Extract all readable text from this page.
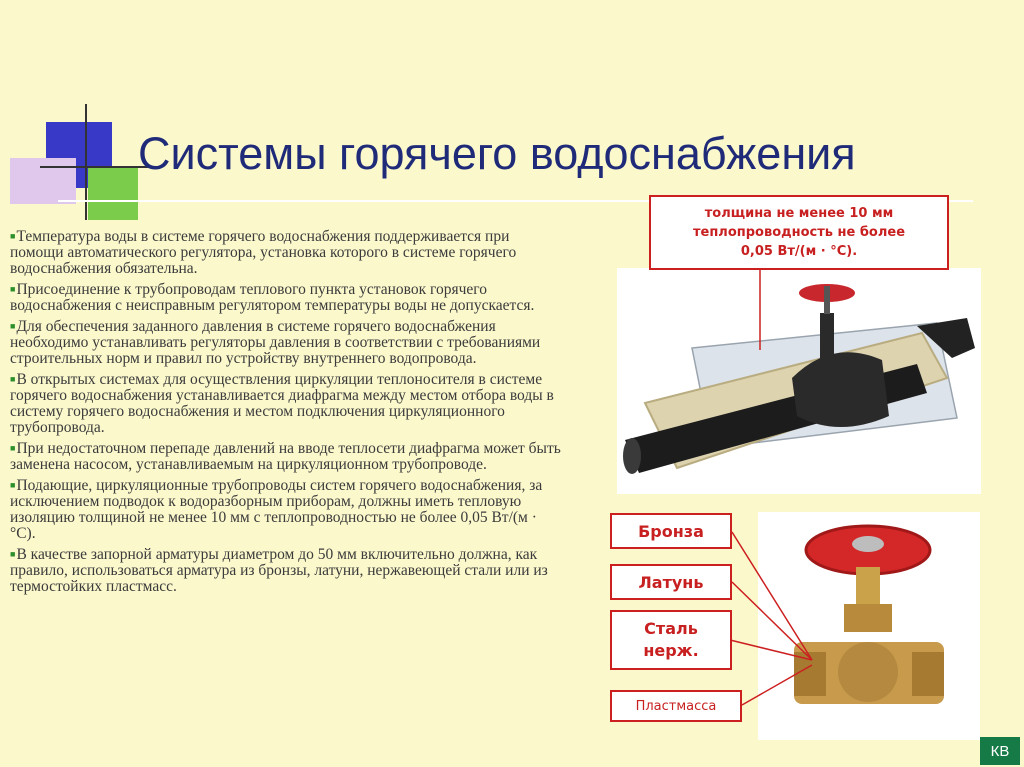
Системы горячего водоснабжения
■Температура воды в системе горячего водоснабжения поддерживается при помощи автоматического регулятора, установка которого в системе горячего водоснабжения обязательна.
■Присоединение к трубопроводам теплового пункта установок горячего водоснабжения с неисправным регулятором температуры воды не допускается.
■Для обеспечения заданного давления в системе горячего водоснабжения необходимо устанавливать регуляторы давления в соответствии с требованиями строительных норм и правил по устройству внутреннего водопровода.
■В открытых системах для осуществления циркуляции теплоносителя в системе горячего водоснабжения устанавливается диафрагма между местом отбора воды в систему горячего водоснабжения и местом подключения циркуляционного трубопровода.
■При недостаточном перепаде давлений на вводе теплосети диафрагма может быть заменена насосом, устанавливаемым на циркуляционном трубопроводе.
■Подающие, циркуляционные трубопроводы систем горячего водоснабжения, за исключением подводок к водоразборным приборам, должны иметь тепловую изоляцию толщиной не менее 10 мм с теплопроводностью не более 0,05 Вт/(м · °С).
■В качестве запорной арматуры диаметром до 50 мм включительно должна, как правило, использоваться арматура из бронзы, латуни, нержавеющей стали или из термостойких пластмасс.
толщина не менее 10 мм
теплопроводность не более
0,05 Вт/(м · °С).
Бронза
Латунь
Сталь
нерж.
Пластмасса
КВ
